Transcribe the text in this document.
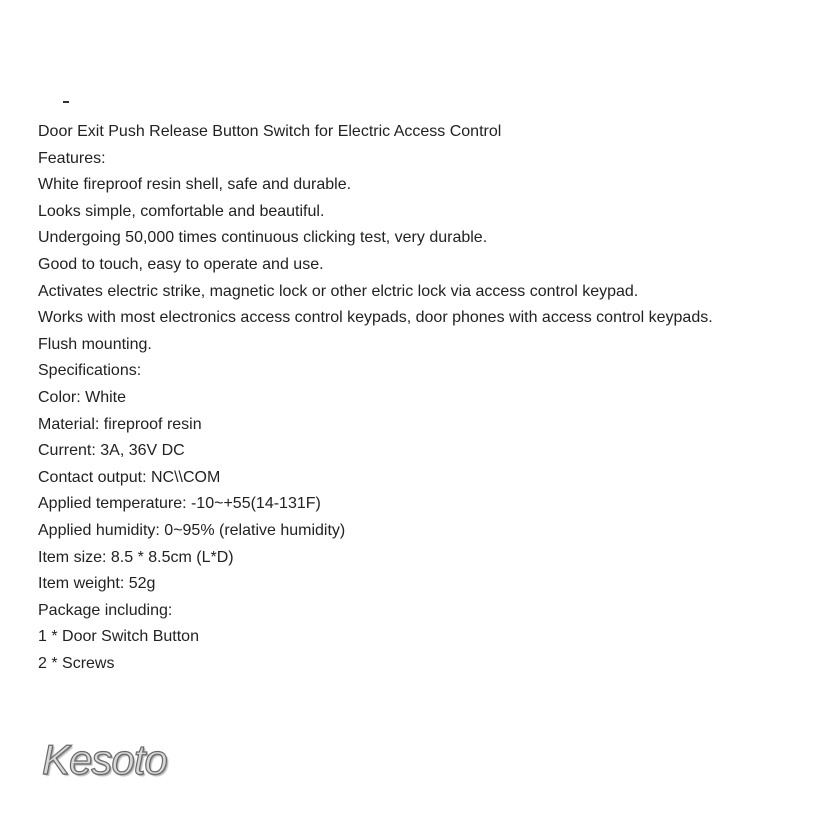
Door Exit Push Release Button Switch for Electric Access Control

Features:

White fireproof resin shell, safe and durable.

Looks simple, comfortable and beautiful.

Undergoing 50,000 times continuous clicking test, very durable.

Good to touch, easy to operate and use.

Activates electric strike, magnetic lock or other elctric lock via access control keypad.

Works with most electronics access control keypads, door phones with access control keypads.

Flush mounting.

Specifications:

Color: White

Material: fireproof resin

Current: 3A, 36V DC

Contact output: NC\\COM

Applied temperature: -10~+55(14-131F)

Applied humidity: 0~95% (relative humidity)

Item size: 8.5 * 8.5cm (L*D)

Item weight: 52g

Package including:

1 * Door Switch Button

2 * Screws

Kesoto
